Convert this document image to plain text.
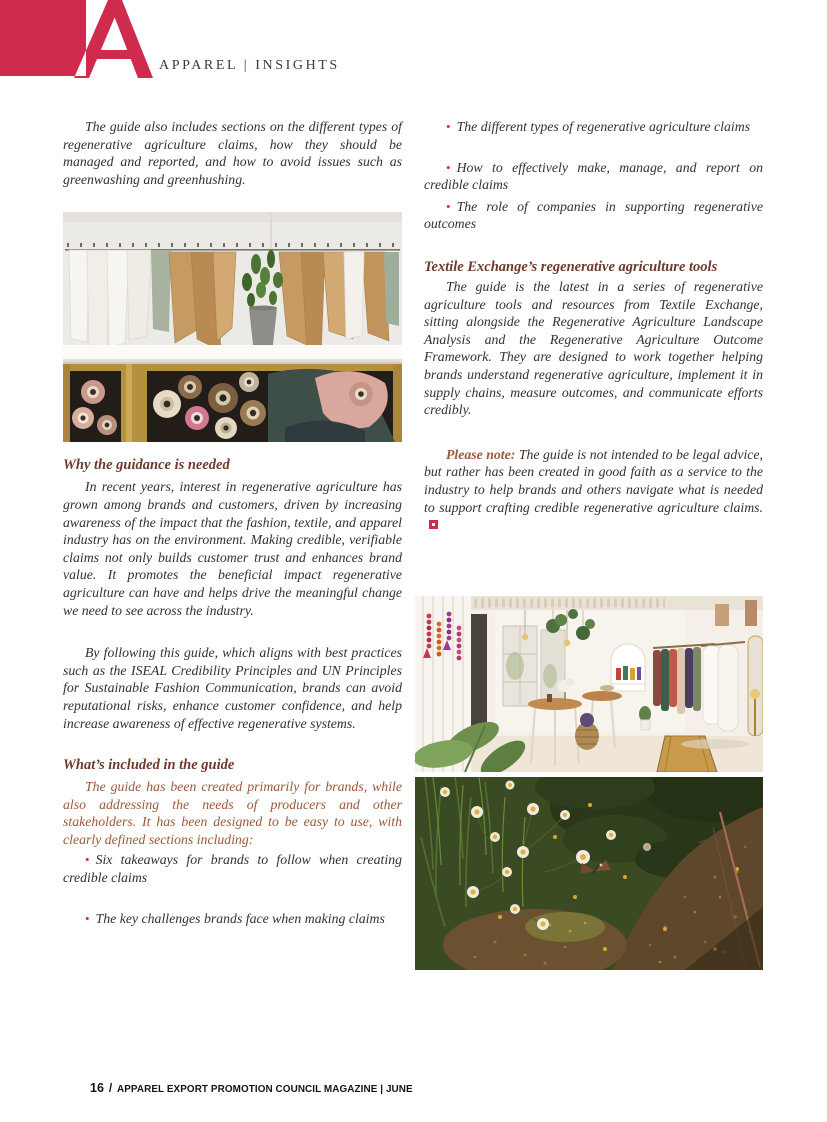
APPAREL | INSIGHTS

The guide also includes sections on the different types of regenerative agriculture claims, how they should be managed and reported, and how to avoid issues such as greenwashing and greenhushing.

Why the guidance is needed

In recent years, interest in regenerative agriculture has grown among brands and customers, driven by increasing awareness of the impact that the fashion, textile, and apparel industry has on the environment. Making credible, verifiable claims not only builds customer trust and enhances brand value. It promotes the beneficial impact regenerative agriculture can have and helps drive the meaningful change we need to see across the industry.

By following this guide, which aligns with best practices such as the ISEAL Credibility Principles and UN Principles for Sustainable Fashion Communication, brands can avoid reputational risks, enhance customer confidence, and help increase awareness of effective regenerative systems.

What’s included in the guide

The guide has been created primarily for brands, while also addressing the needs of producers and other stakeholders. It has been designed to be easy to use, with clearly defined sections including:

• Six takeaways for brands to follow when creating credible claims

• The key challenges brands face when making claims

• The different types of regenerative agriculture claims

• How to effectively make, manage, and report on credible claims

• The role of companies in supporting regenerative outcomes

Textile Exchange’s regenerative agriculture tools

The guide is the latest in a series of regenerative agriculture tools and resources from Textile Exchange, sitting alongside the Regenerative Agriculture Landscape Analysis and the Regenerative Agriculture Outcome Framework. They are designed to work together helping brands understand regenerative agriculture, implement it in supply chains, measure outcomes, and communicate efforts credibly.

Please note: The guide is not intended to be legal advice, but rather has been created in good faith as a service to the industry to help brands and others navigate what is needed to support crafting credible regenerative agriculture claims.

16 / APPAREL EXPORT PROMOTION COUNCIL MAGAZINE | JUNE
